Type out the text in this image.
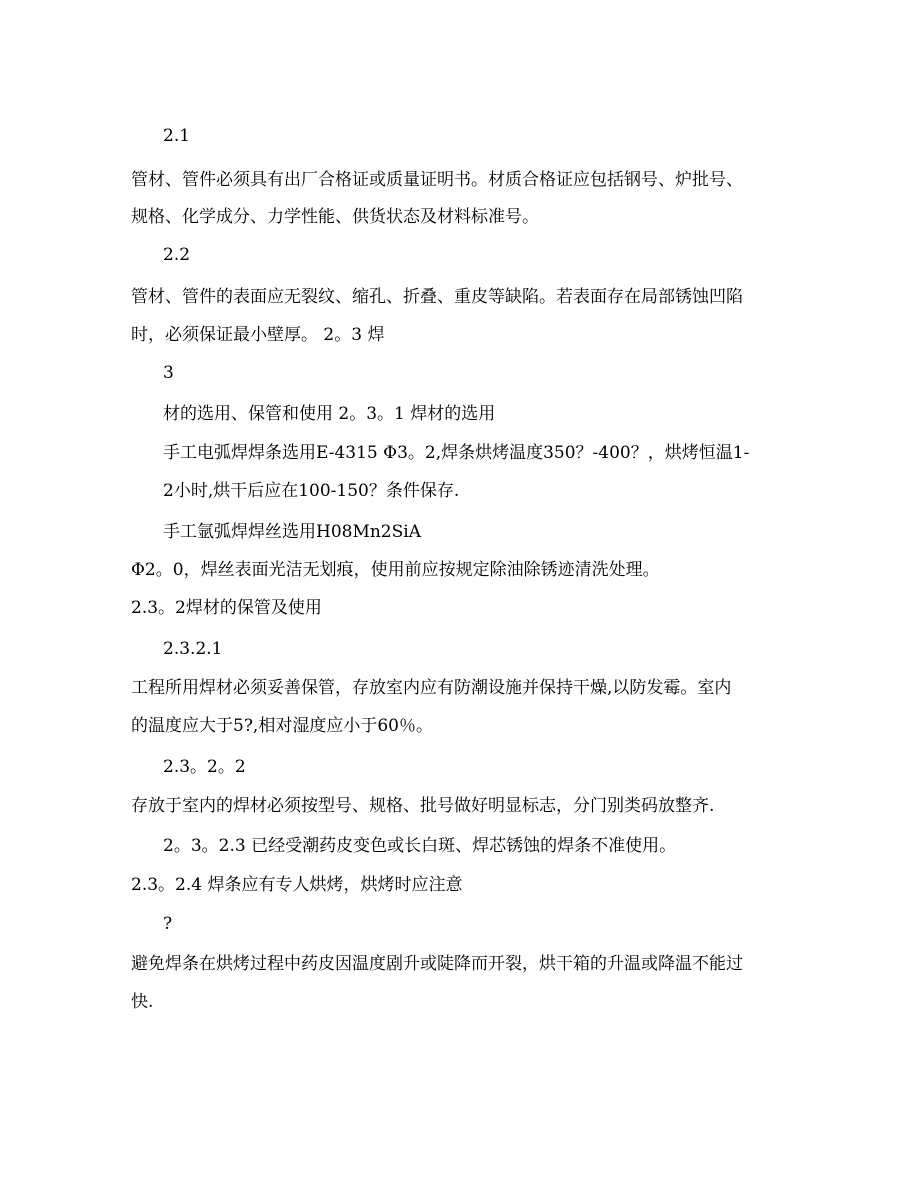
2.1

管材、管件必须具有出厂合格证或质量证明书。材质合格证应包括钢号、炉批号、

规格、化学成分、力学性能、供货状态及材料标准号。

2.2

管材、管件的表面应无裂纹、缩孔、折叠、重皮等缺陷。若表面存在局部锈蚀凹陷

时，必须保证最小壁厚。 2。3 焊

3

材的选用、保管和使用 2。3。1 焊材的选用

手工电弧焊焊条选用E-4315 Φ3。2,焊条烘烤温度350？-400？，烘烤恒温1-

2小时,烘干后应在100-150？条件保存.

手工氩弧焊焊丝选用H08Mn2SiA

Φ2。0，焊丝表面光洁无划痕，使用前应按规定除油除锈迹清洗处理。

2.3。2焊材的保管及使用

2.3.2.1

工程所用焊材必须妥善保管，存放室内应有防潮设施并保持干燥,以防发霉。室内

的温度应大于5?,相对湿度应小于60％。

2.3。2。2

存放于室内的焊材必须按型号、规格、批号做好明显标志，分门别类码放整齐.

2。3。2.3 已经受潮药皮变色或长白斑、焊芯锈蚀的焊条不准使用。

2.3。2.4 焊条应有专人烘烤，烘烤时应注意

?

避免焊条在烘烤过程中药皮因温度剧升或陡降而开裂，烘干箱的升温或降温不能过

快.
